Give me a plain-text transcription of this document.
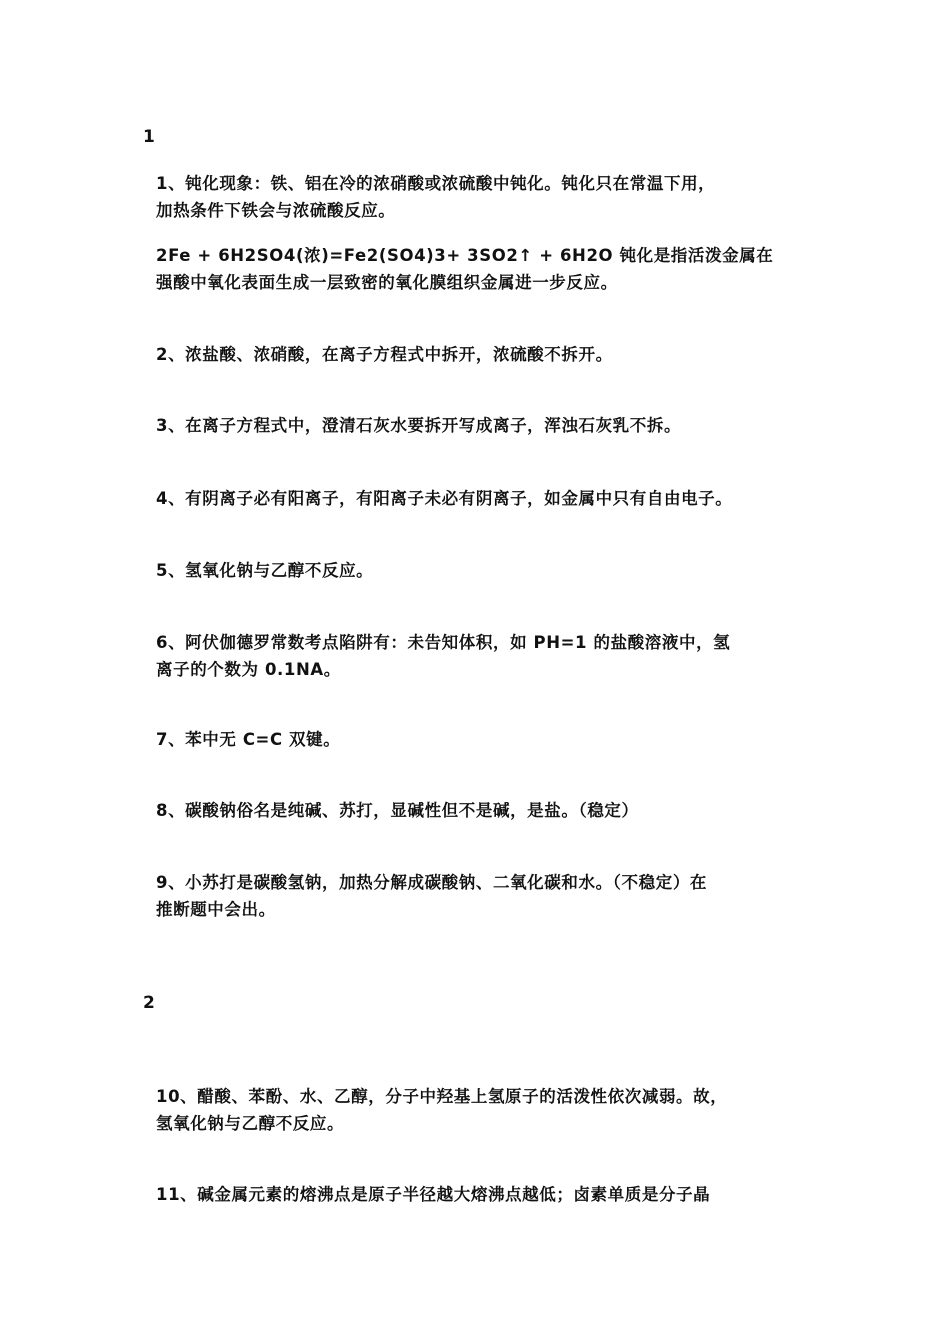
1
1、钝化现象：铁、铝在冷的浓硝酸或浓硫酸中钝化。钝化只在常温下用，
加热条件下铁会与浓硫酸反应。
2Fe + 6H2SO4(浓)=Fe2(SO4)3+ 3SO2↑ + 6H2O 钝化是指活泼金属在
强酸中氧化表面生成一层致密的氧化膜组织金属进一步反应。
2、浓盐酸、浓硝酸，在离子方程式中拆开，浓硫酸不拆开。
3、在离子方程式中，澄清石灰水要拆开写成离子，浑浊石灰乳不拆。
4、有阴离子必有阳离子，有阳离子未必有阴离子，如金属中只有自由电子。
5、氢氧化钠与乙醇不反应。
6、阿伏伽德罗常数考点陷阱有：未告知体积，如 PH=1 的盐酸溶液中，氢
离子的个数为 0.1NA。
7、苯中无 C=C 双键。
8、碳酸钠俗名是纯碱、苏打，显碱性但不是碱，是盐。（稳定）
9、小苏打是碳酸氢钠，加热分解成碳酸钠、二氧化碳和水。（不稳定）在
推断题中会出。
2
10、醋酸、苯酚、水、乙醇，分子中羟基上氢原子的活泼性依次减弱。故，
氢氧化钠与乙醇不反应。
11、碱金属元素的熔沸点是原子半径越大熔沸点越低；卤素单质是分子晶
